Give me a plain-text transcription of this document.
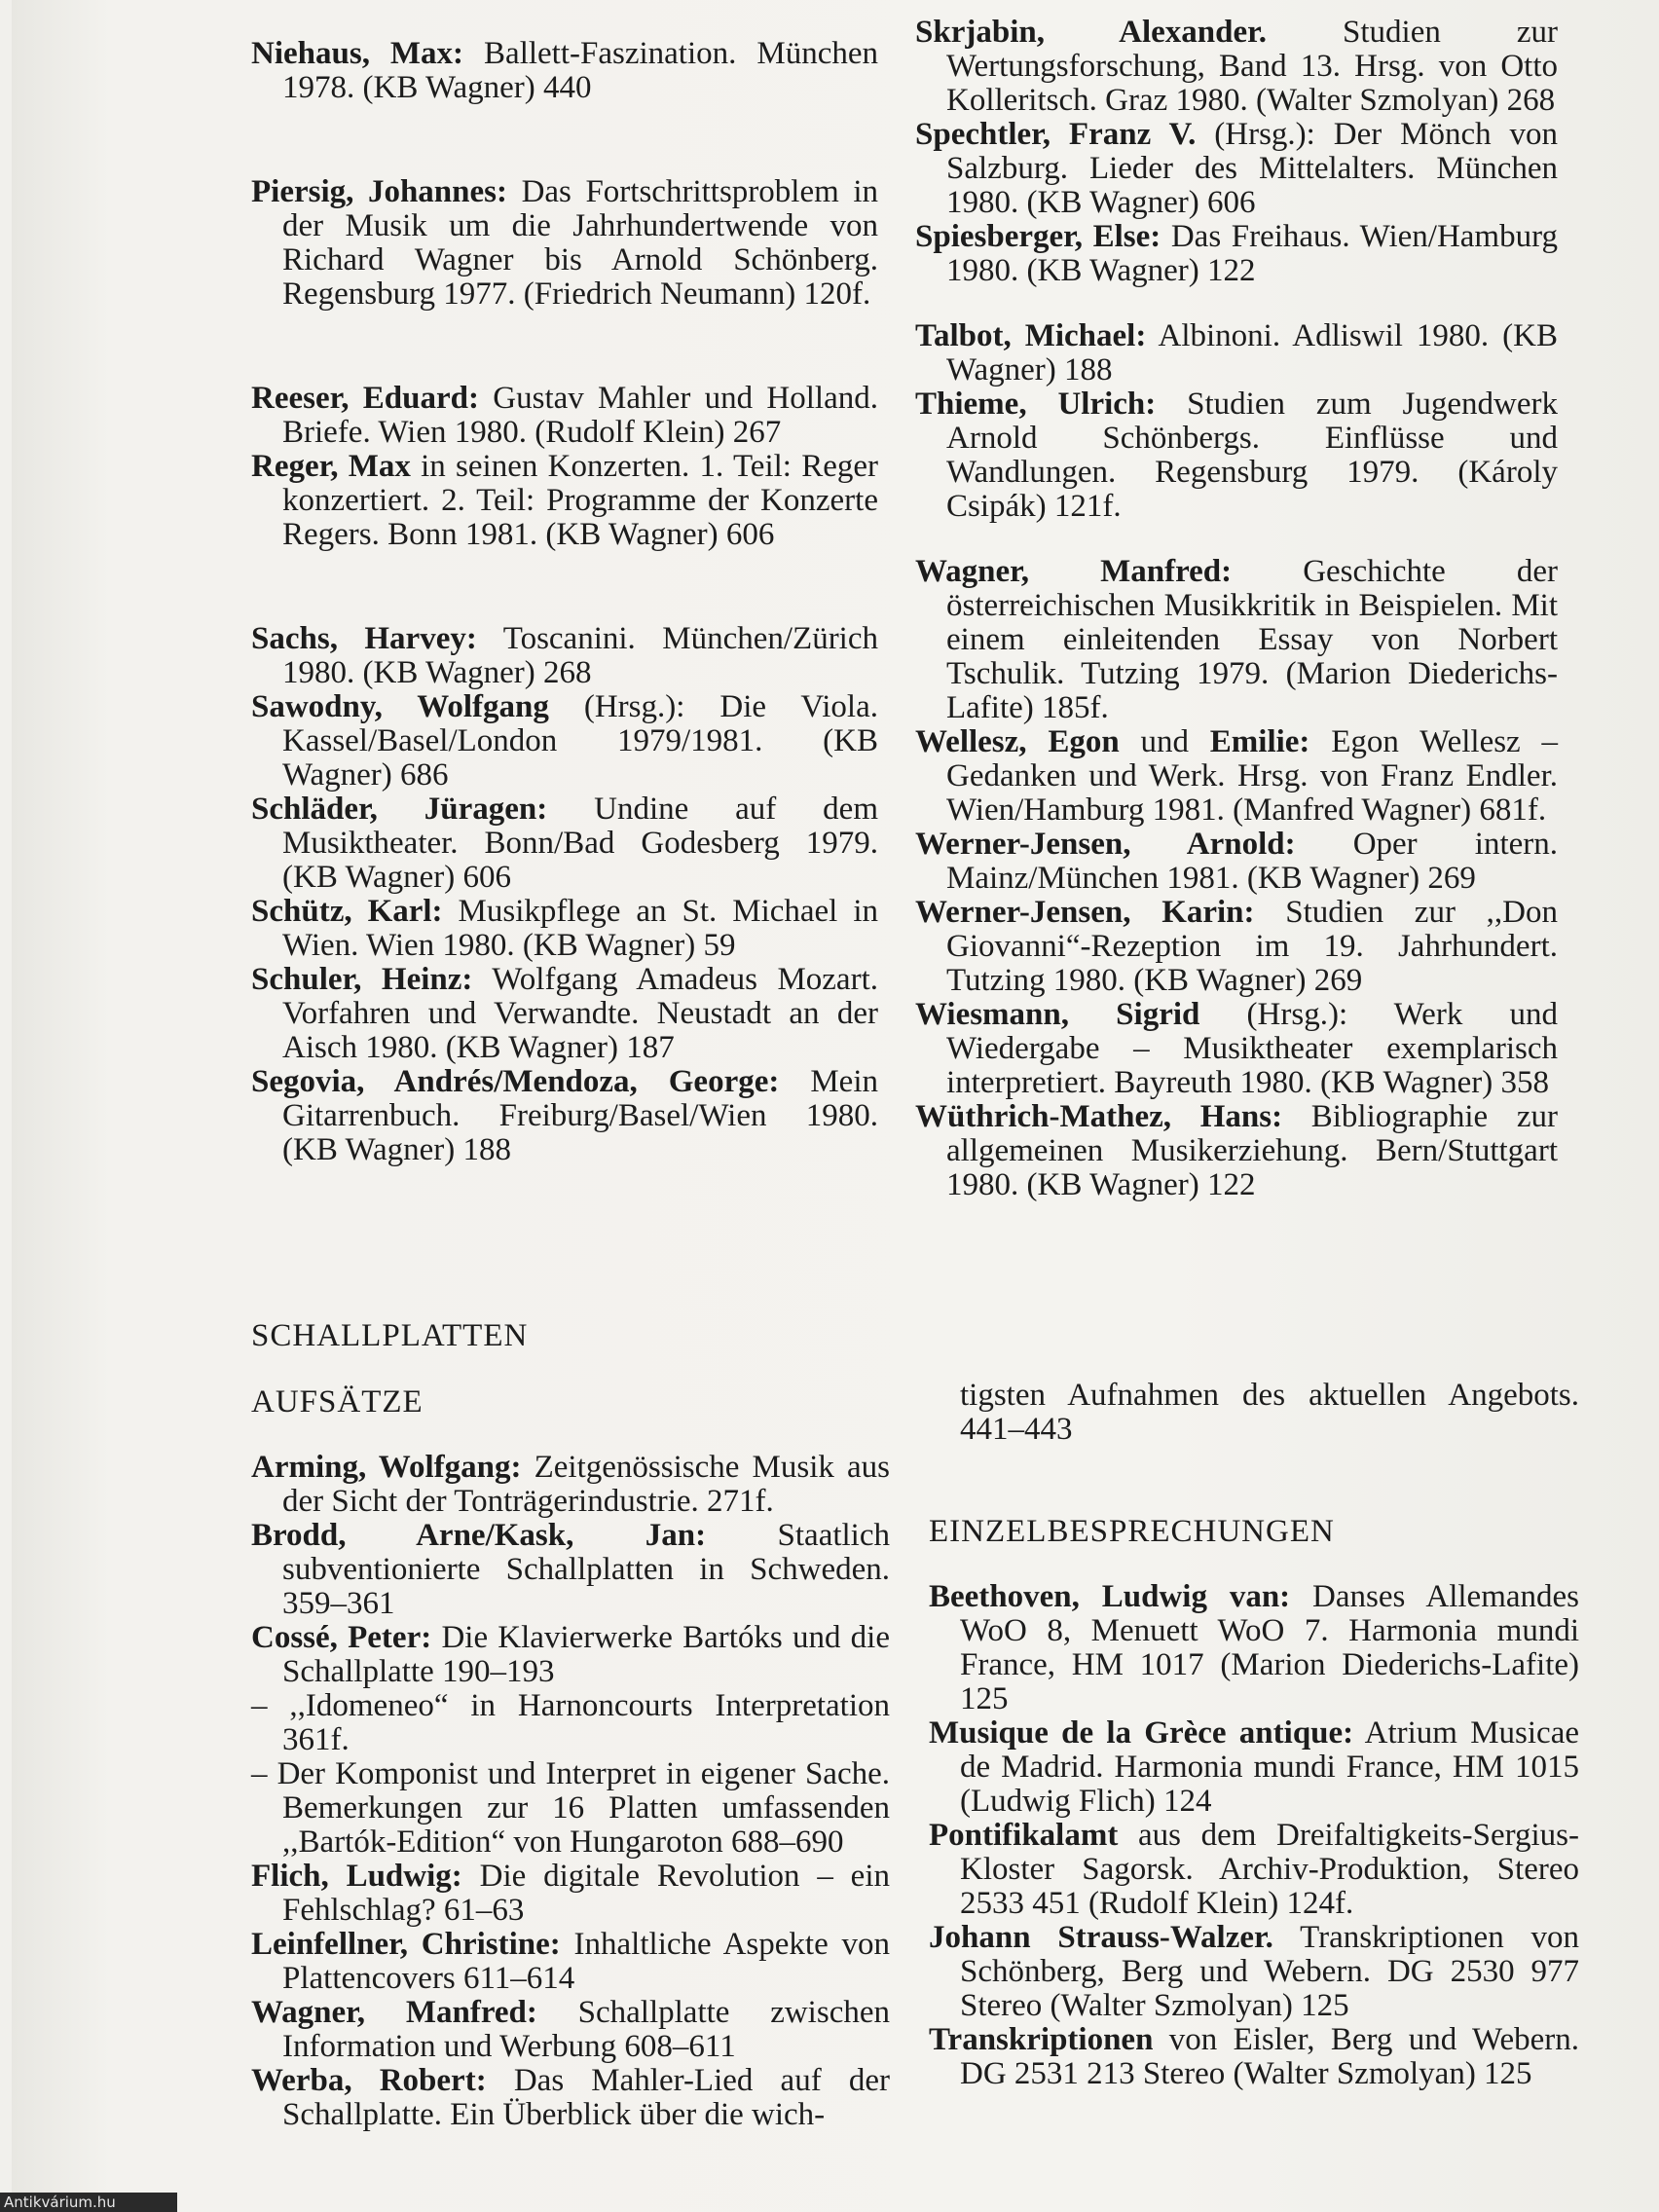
Niehaus, Max: Ballett-Faszination. München 1978. (KB Wagner) 440

Piersig, Johannes: Das Fortschrittsproblem in der Musik um die Jahrhundertwende von Richard Wagner bis Arnold Schönberg. Regensburg 1977. (Friedrich Neumann) 120f.

Reeser, Eduard: Gustav Mahler und Holland. Briefe. Wien 1980. (Rudolf Klein) 267

Reger, Max in seinen Konzerten. 1. Teil: Reger konzertiert. 2. Teil: Programme der Konzerte Regers. Bonn 1981. (KB Wagner) 606

Sachs, Harvey: Toscanini. München/Zürich 1980. (KB Wagner) 268

Sawodny, Wolfgang (Hrsg.): Die Viola. Kassel/Basel/London 1979/1981. (KB Wagner) 686

Schläder, Jüragen: Undine auf dem Musiktheater. Bonn/Bad Godesberg 1979. (KB Wagner) 606

Schütz, Karl: Musikpflege an St. Michael in Wien. Wien 1980. (KB Wagner) 59

Schuler, Heinz: Wolfgang Amadeus Mozart. Vorfahren und Verwandte. Neustadt an der Aisch 1980. (KB Wagner) 187

Segovia, Andrés/Mendoza, George: Mein Gitarrenbuch. Freiburg/Basel/Wien 1980. (KB Wagner) 188

Skrjabin, Alexander. Studien zur Wertungsforschung, Band 13. Hrsg. von Otto Kolleritsch. Graz 1980. (Walter Szmolyan) 268

Spechtler, Franz V. (Hrsg.): Der Mönch von Salzburg. Lieder des Mittelalters. München 1980. (KB Wagner) 606

Spiesberger, Else: Das Freihaus. Wien/Hamburg 1980. (KB Wagner) 122

Talbot, Michael: Albinoni. Adliswil 1980. (KB Wagner) 188

Thieme, Ulrich: Studien zum Jugendwerk Arnold Schönbergs. Einflüsse und Wandlungen. Regensburg 1979. (Károly Csipák) 121f.

Wagner, Manfred: Geschichte der österreichischen Musikkritik in Beispielen. Mit einem einleitenden Essay von Norbert Tschulik. Tutzing 1979. (Marion Diederichs-Lafite) 185f.

Wellesz, Egon und Emilie: Egon Wellesz – Gedanken und Werk. Hrsg. von Franz Endler. Wien/Hamburg 1981. (Manfred Wagner) 681f.

Werner-Jensen, Arnold: Oper intern. Mainz/München 1981. (KB Wagner) 269

Werner-Jensen, Karin: Studien zur ,,Don Giovanni“-Rezeption im 19. Jahrhundert. Tutzing 1980. (KB Wagner) 269

Wiesmann, Sigrid (Hrsg.): Werk und Wiedergabe – Musiktheater exemplarisch interpretiert. Bayreuth 1980. (KB Wagner) 358

Wüthrich-Mathez, Hans: Bibliographie zur allgemeinen Musikerziehung. Bern/Stuttgart 1980. (KB Wagner) 122

SCHALLPLATTEN
AUFSÄTZE

Arming, Wolfgang: Zeitgenössische Musik aus der Sicht der Tonträgerindustrie. 271f.

Brodd, Arne/Kask, Jan: Staatlich subventionierte Schallplatten in Schweden. 359–361

Cossé, Peter: Die Klavierwerke Bartóks und die Schallplatte 190–193

– ,,Idomeneo“ in Harnoncourts Interpretation 361f.

– Der Komponist und Interpret in eigener Sache. Bemerkungen zur 16 Platten umfassenden ,,Bartók-Edition“ von Hungaroton 688–690

Flich, Ludwig: Die digitale Revolution – ein Fehlschlag? 61–63

Leinfellner, Christine: Inhaltliche Aspekte von Plattencovers 611–614

Wagner, Manfred: Schallplatte zwischen Information und Werbung 608–611

Werba, Robert: Das Mahler-Lied auf der Schallplatte. Ein Überblick über die wich-

tigsten Aufnahmen des aktuellen Angebots. 441–443

EINZELBESPRECHUNGEN

Beethoven, Ludwig van: Danses Allemandes WoO 8, Menuett WoO 7. Harmonia mundi France, HM 1017 (Marion Diederichs-Lafite) 125

Musique de la Grèce antique: Atrium Musicae de Madrid. Harmonia mundi France, HM 1015 (Ludwig Flich) 124

Pontifikalamt aus dem Dreifaltigkeits-Sergius-Kloster Sagorsk. Archiv-Produktion, Stereo 2533 451 (Rudolf Klein) 124f.

Johann Strauss-Walzer. Transkriptionen von Schönberg, Berg und Webern. DG 2530 977 Stereo (Walter Szmolyan) 125

Transkriptionen von Eisler, Berg und Webern. DG 2531 213 Stereo (Walter Szmolyan) 125

Antikvárium.hu
